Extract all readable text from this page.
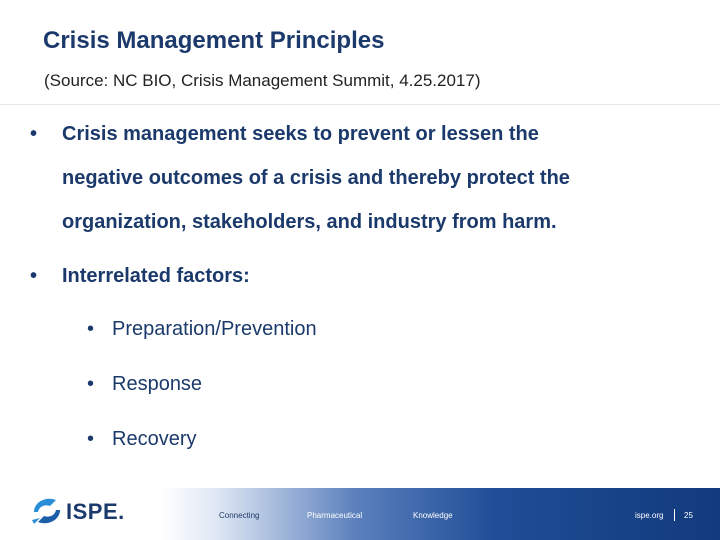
Crisis Management Principles
(Source: NC BIO, Crisis Management Summit, 4.25.2017)
• Crisis management seeks to prevent or lessen the
negative outcomes of a crisis and thereby protect the
organization, stakeholders, and industry from harm.
• Interrelated factors:
• Preparation/Prevention
• Response
• Recovery
ISPE.	Connecting	Pharmaceutical	Knowledge	ispe.org	25
